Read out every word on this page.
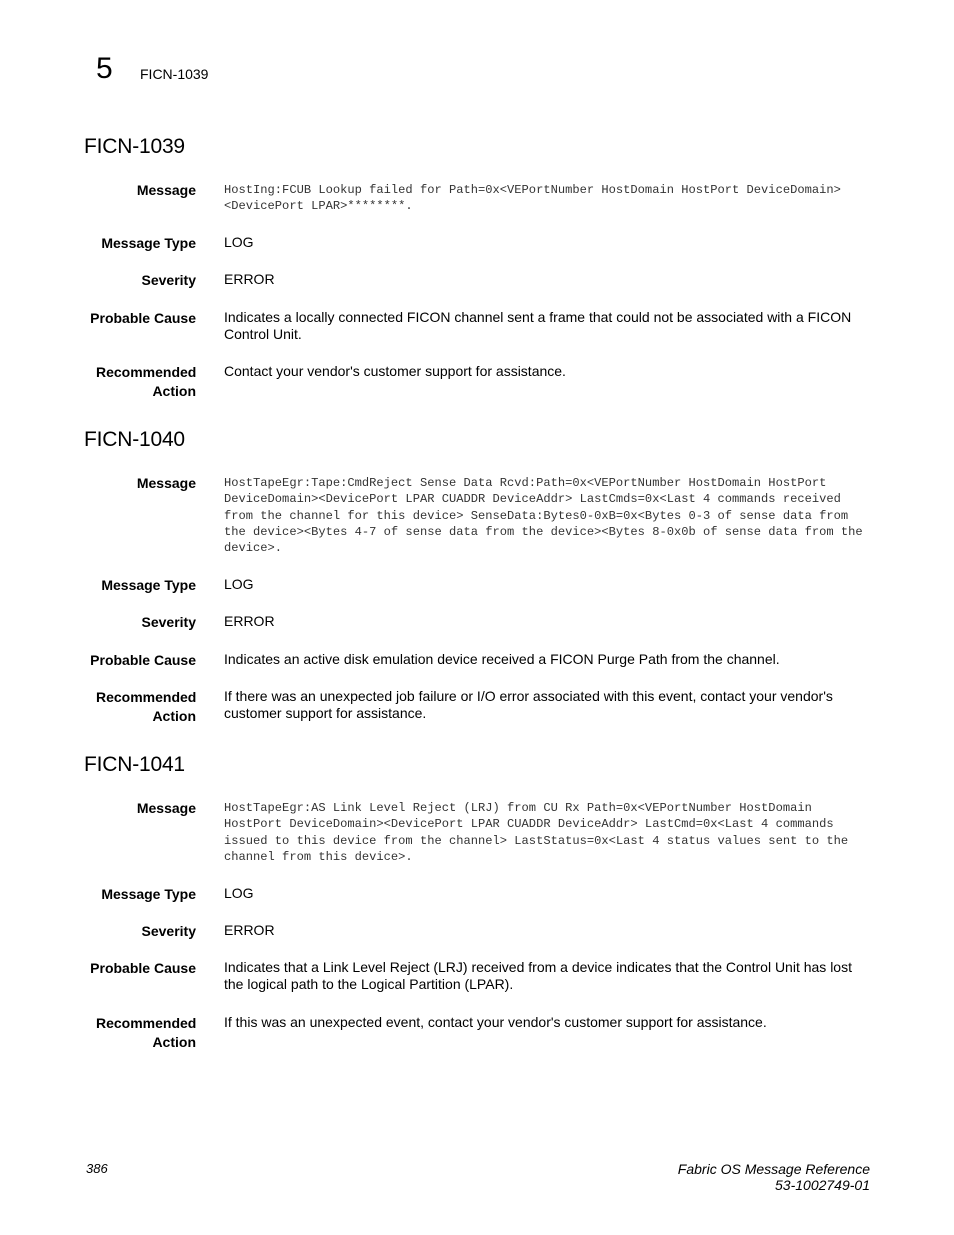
5 FICN-1039
FICN-1039
Message HostIng:FCUB Lookup failed for Path=0x<VEPortNumber HostDomain HostPort DeviceDomain><DevicePort LPAR>********.
Message Type LOG
Severity ERROR
Probable Cause Indicates a locally connected FICON channel sent a frame that could not be associated with a FICON Control Unit.
Recommended Action
Contact your vendor's customer support for assistance.
FICN-1040
Message HostTapeEgr:Tape:CmdReject Sense Data Rcvd:Path=0x<VEPortNumber HostDomain HostPort DeviceDomain><DevicePort LPAR CUADDR DeviceAddr> LastCmds=0x<Last 4 commands received from the channel for this device> SenseData:Bytes0-0xB=0x<Bytes 0-3 of sense data from the device><Bytes 4-7 of sense data from the device><Bytes 8-0x0b of sense data from the device>.
Message Type LOG
Severity ERROR
Probable Cause Indicates an active disk emulation device received a FICON Purge Path from the channel.
Recommended Action
If there was an unexpected job failure or I/O error associated with this event, contact your vendor's customer support for assistance.
FICN-1041
Message HostTapeEgr:AS Link Level Reject (LRJ) from CU Rx Path=0x<VEPortNumber HostDomain HostPort DeviceDomain><DevicePort LPAR CUADDR DeviceAddr> LastCmd=0x<Last 4 commands issued to this device from the channel> LastStatus=0x<Last 4 status values sent to the channel from this device>.
Message Type LOG
Severity ERROR
Probable Cause Indicates that a Link Level Reject (LRJ) received from a device indicates that the Control Unit has lost the logical path to the Logical Partition (LPAR).
Recommended Action
If this was an unexpected event, contact your vendor's customer support for assistance.
386	Fabric OS Message Reference
53-1002749-01
